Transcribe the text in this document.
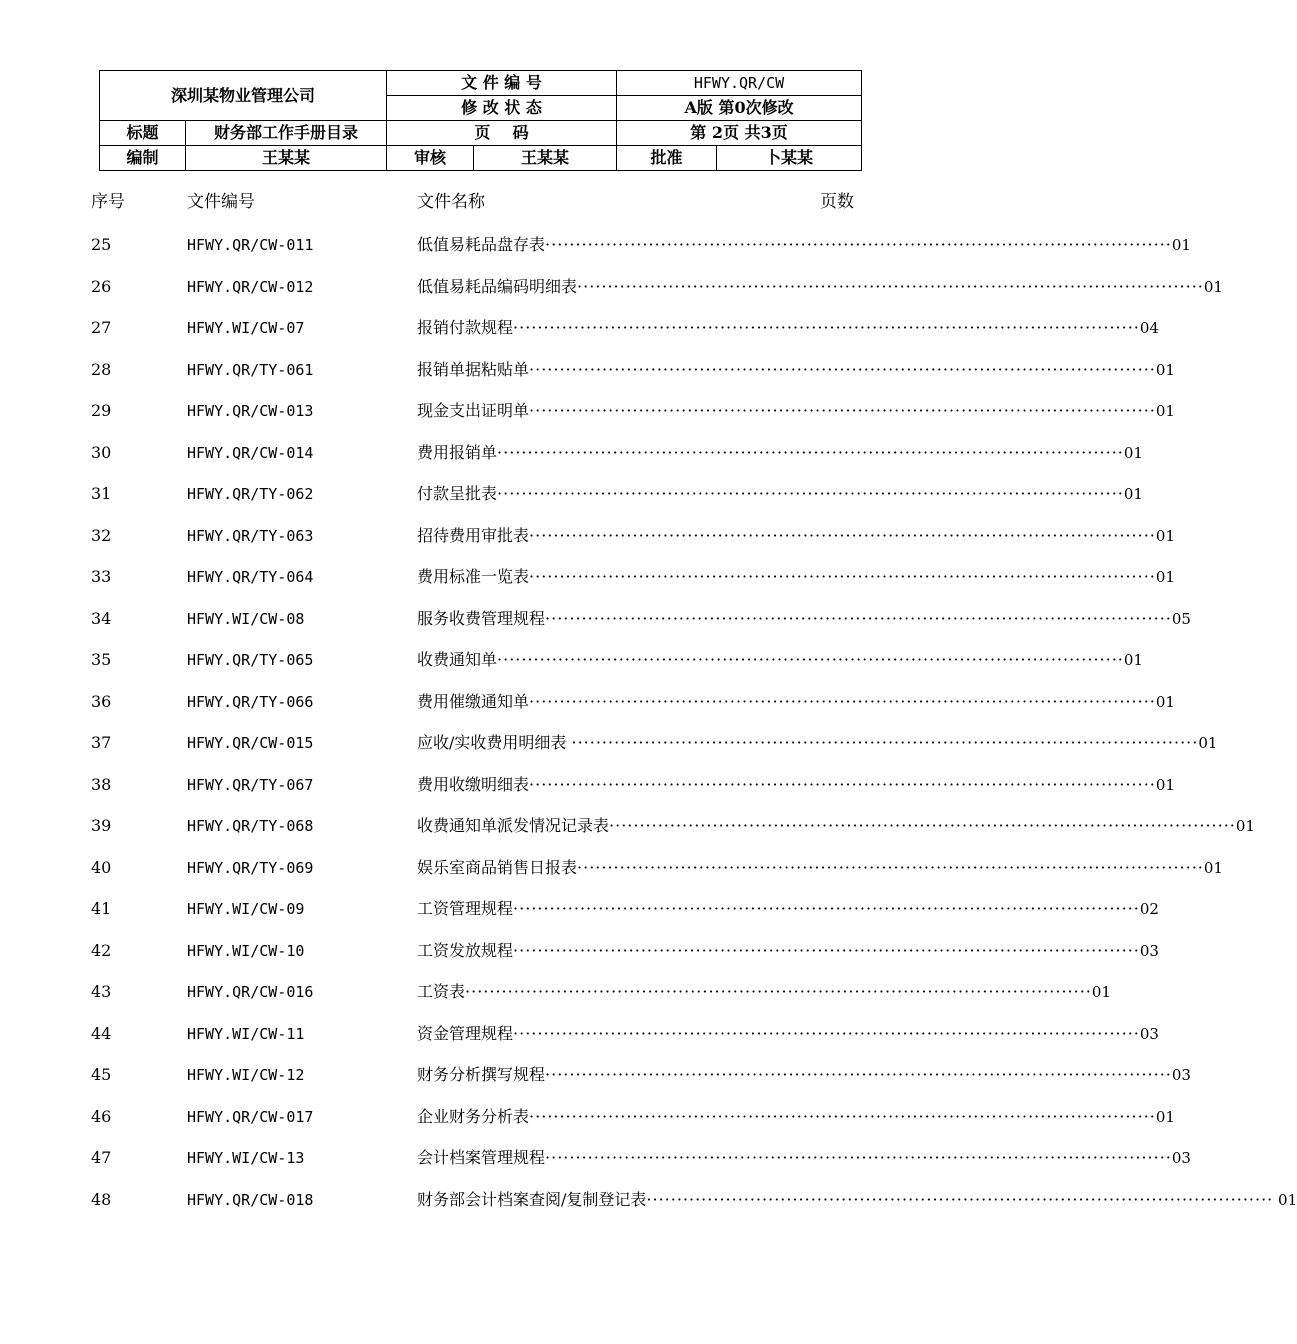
深圳某物业管理公司		文 件 编 号		HFWY.QR/CW	
		修 改 状 态		A版 第0次修改	
标题	财务部工作手册目录	页    码		第 2页 共3页	
编制	王某某	审核	王某某	批准	卜某某
序号	文件编号	文件名称	页数
25	HFWY.QR/CW-011	低值易耗品盘存表 ······································································································· 01
26	HFWY.QR/CW-012	低值易耗品编码明细表 ······································································································· 01
27	HFWY.WI/CW-07	报销付款规程 ······································································································· 04
28	HFWY.QR/TY-061	报销单据粘贴单 ······································································································· 01
29	HFWY.QR/CW-013	现金支出证明单 ······································································································· 01
30	HFWY.QR/CW-014	费用报销单 ······································································································· 01
31	HFWY.QR/TY-062	付款呈批表 ······································································································· 01
32	HFWY.QR/TY-063	招待费用审批表 ······································································································· 01
33	HFWY.QR/TY-064	费用标准一览表 ······································································································· 01
34	HFWY.WI/CW-08	服务收费管理规程 ······································································································· 05
35	HFWY.QR/TY-065	收费通知单 ······································································································· 01
36	HFWY.QR/TY-066	费用催缴通知单 ······································································································· 01
37	HFWY.QR/CW-015	应收/实收费用明细表 ······································································································· 01
38	HFWY.QR/TY-067	费用收缴明细表 ······································································································· 01
39	HFWY.QR/TY-068	收费通知单派发情况记录表 ······································································································· 01
40	HFWY.QR/TY-069	娱乐室商品销售日报表 ······································································································· 01
41	HFWY.WI/CW-09	工资管理规程 ······································································································· 02
42	HFWY.WI/CW-10	工资发放规程 ······································································································· 03
43	HFWY.QR/CW-016	工资表 ······································································································· 01
44	HFWY.WI/CW-11	资金管理规程 ······································································································· 03
45	HFWY.WI/CW-12	财务分析撰写规程 ······································································································· 03
46	HFWY.QR/CW-017	企业财务分析表 ······································································································· 01
47	HFWY.WI/CW-13	会计档案管理规程 ······································································································· 03
48	HFWY.QR/CW-018	财务部会计档案查阅/复制登记表 ······································································································· 01
